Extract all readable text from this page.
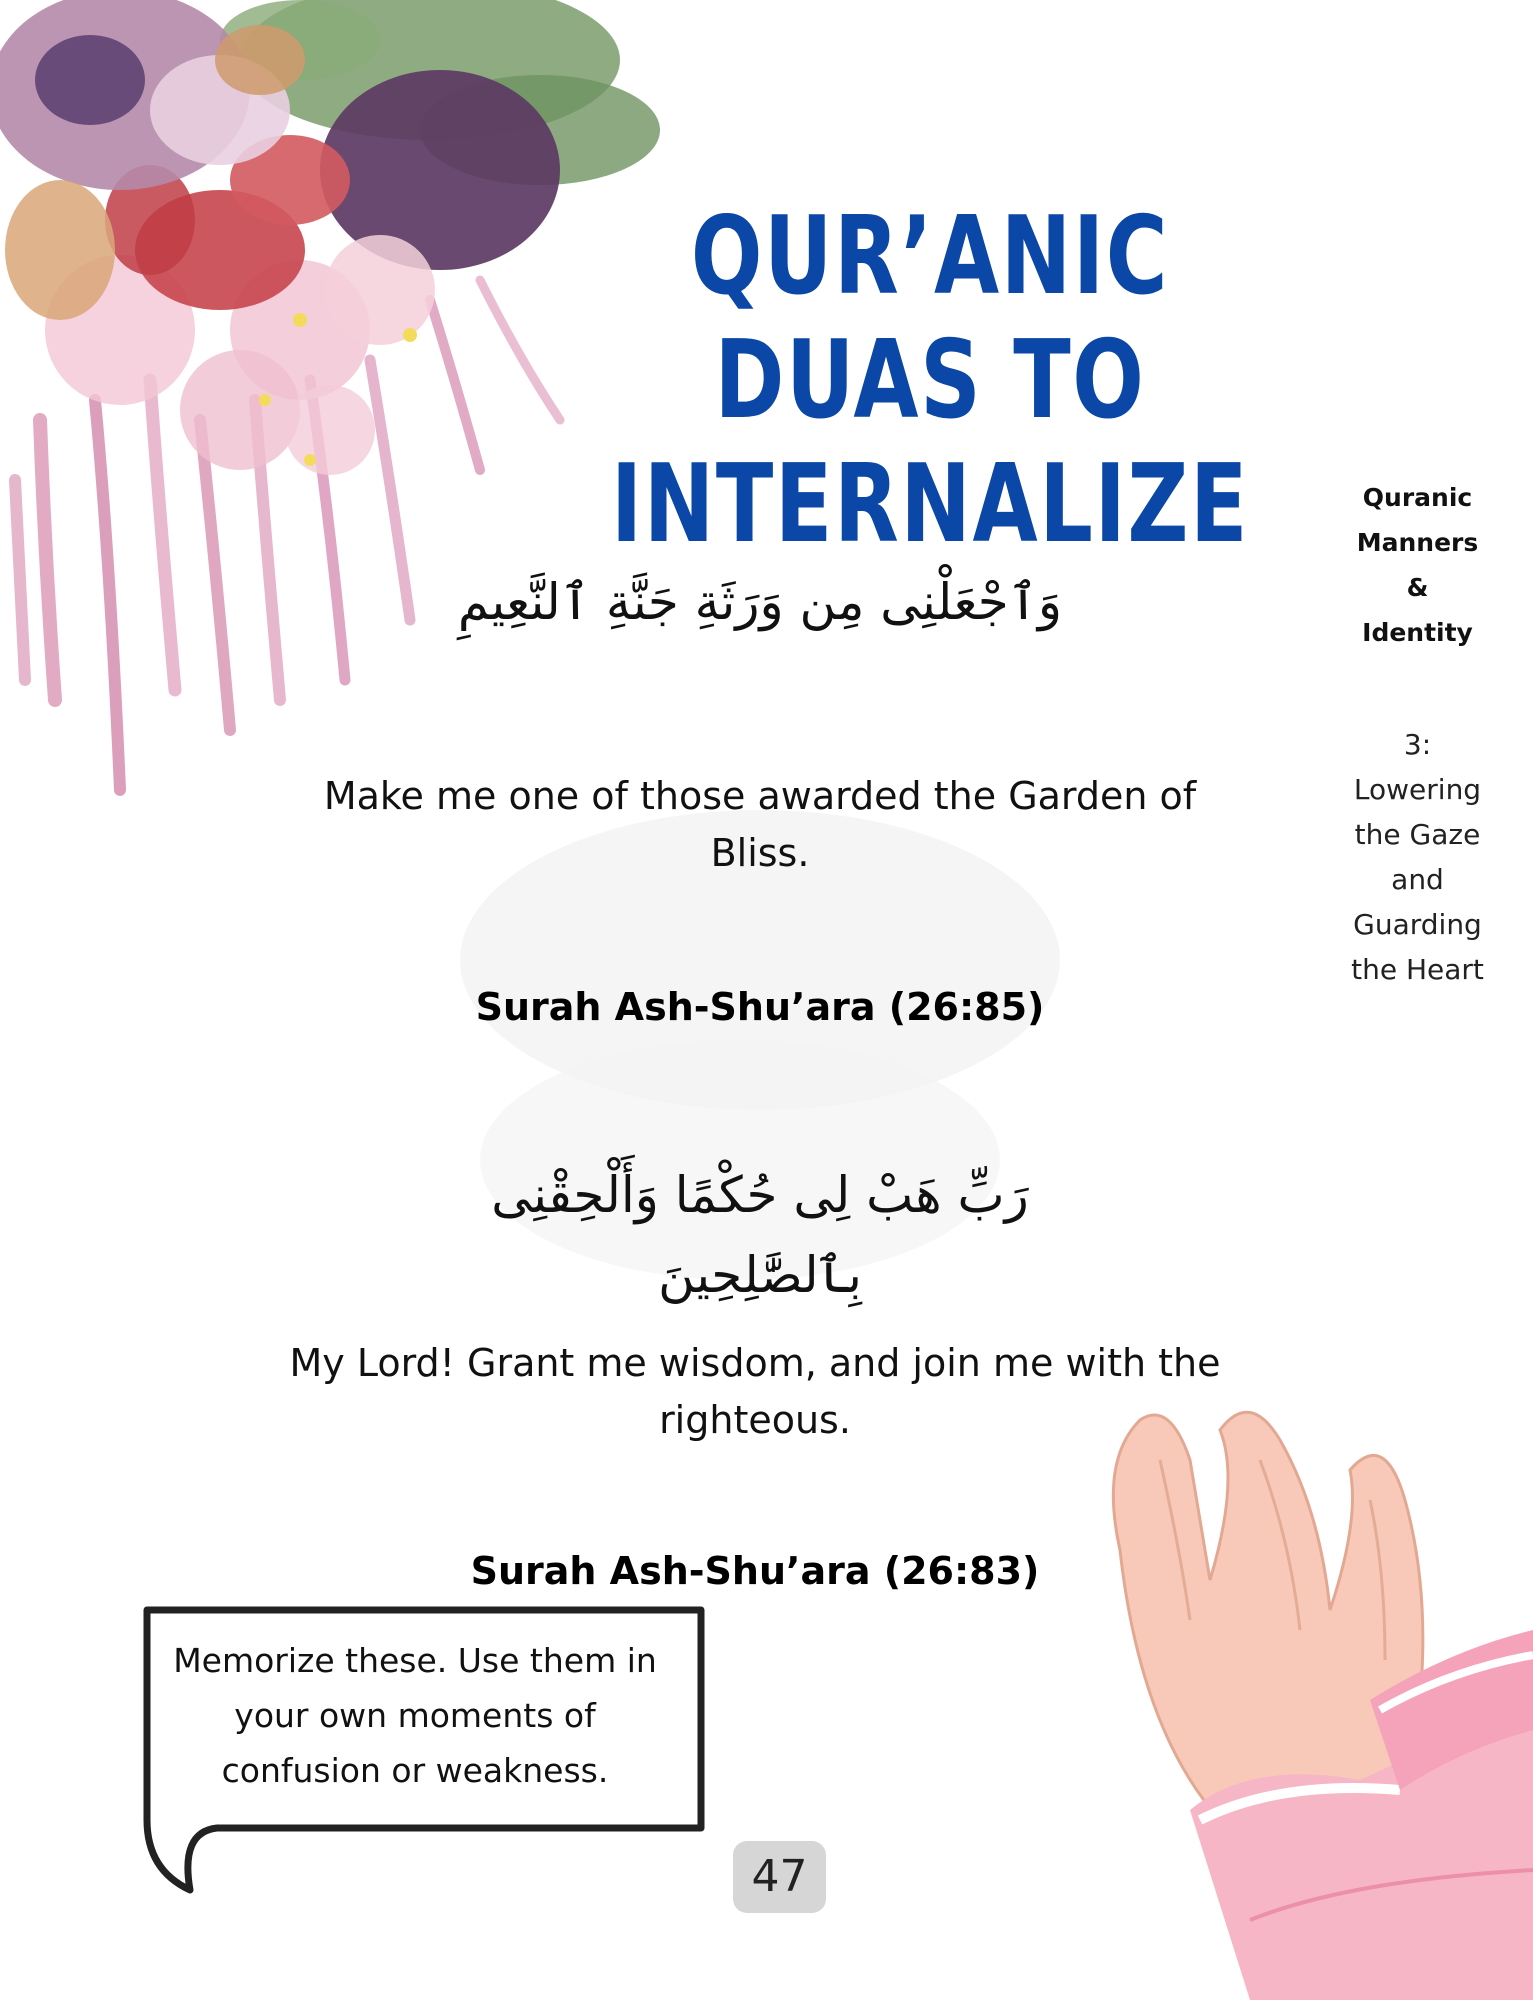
QUR’ANIC DUAS TO
INTERNALIZE	Quranic
Manners &
Identity
3:
Lowering
the Gaze
and
Guarding
the Heart
وَٱجْعَلْنِى مِن وَرَثَةِ جَنَّةِ ٱلنَّعِيمِ
Make me one of those awarded the Garden of Bliss.
Surah Ash-Shu’ara (26:85)
رَبِّ هَبْ لِى حُكْمًا وَأَلْحِقْنِى بِٱلصَّٰلِحِينَ
My Lord! Grant me wisdom, and join me with the righteous.
Surah Ash-Shu’ara (26:83)
Memorize these. Use them in your own moments of confusion or weakness.
47
